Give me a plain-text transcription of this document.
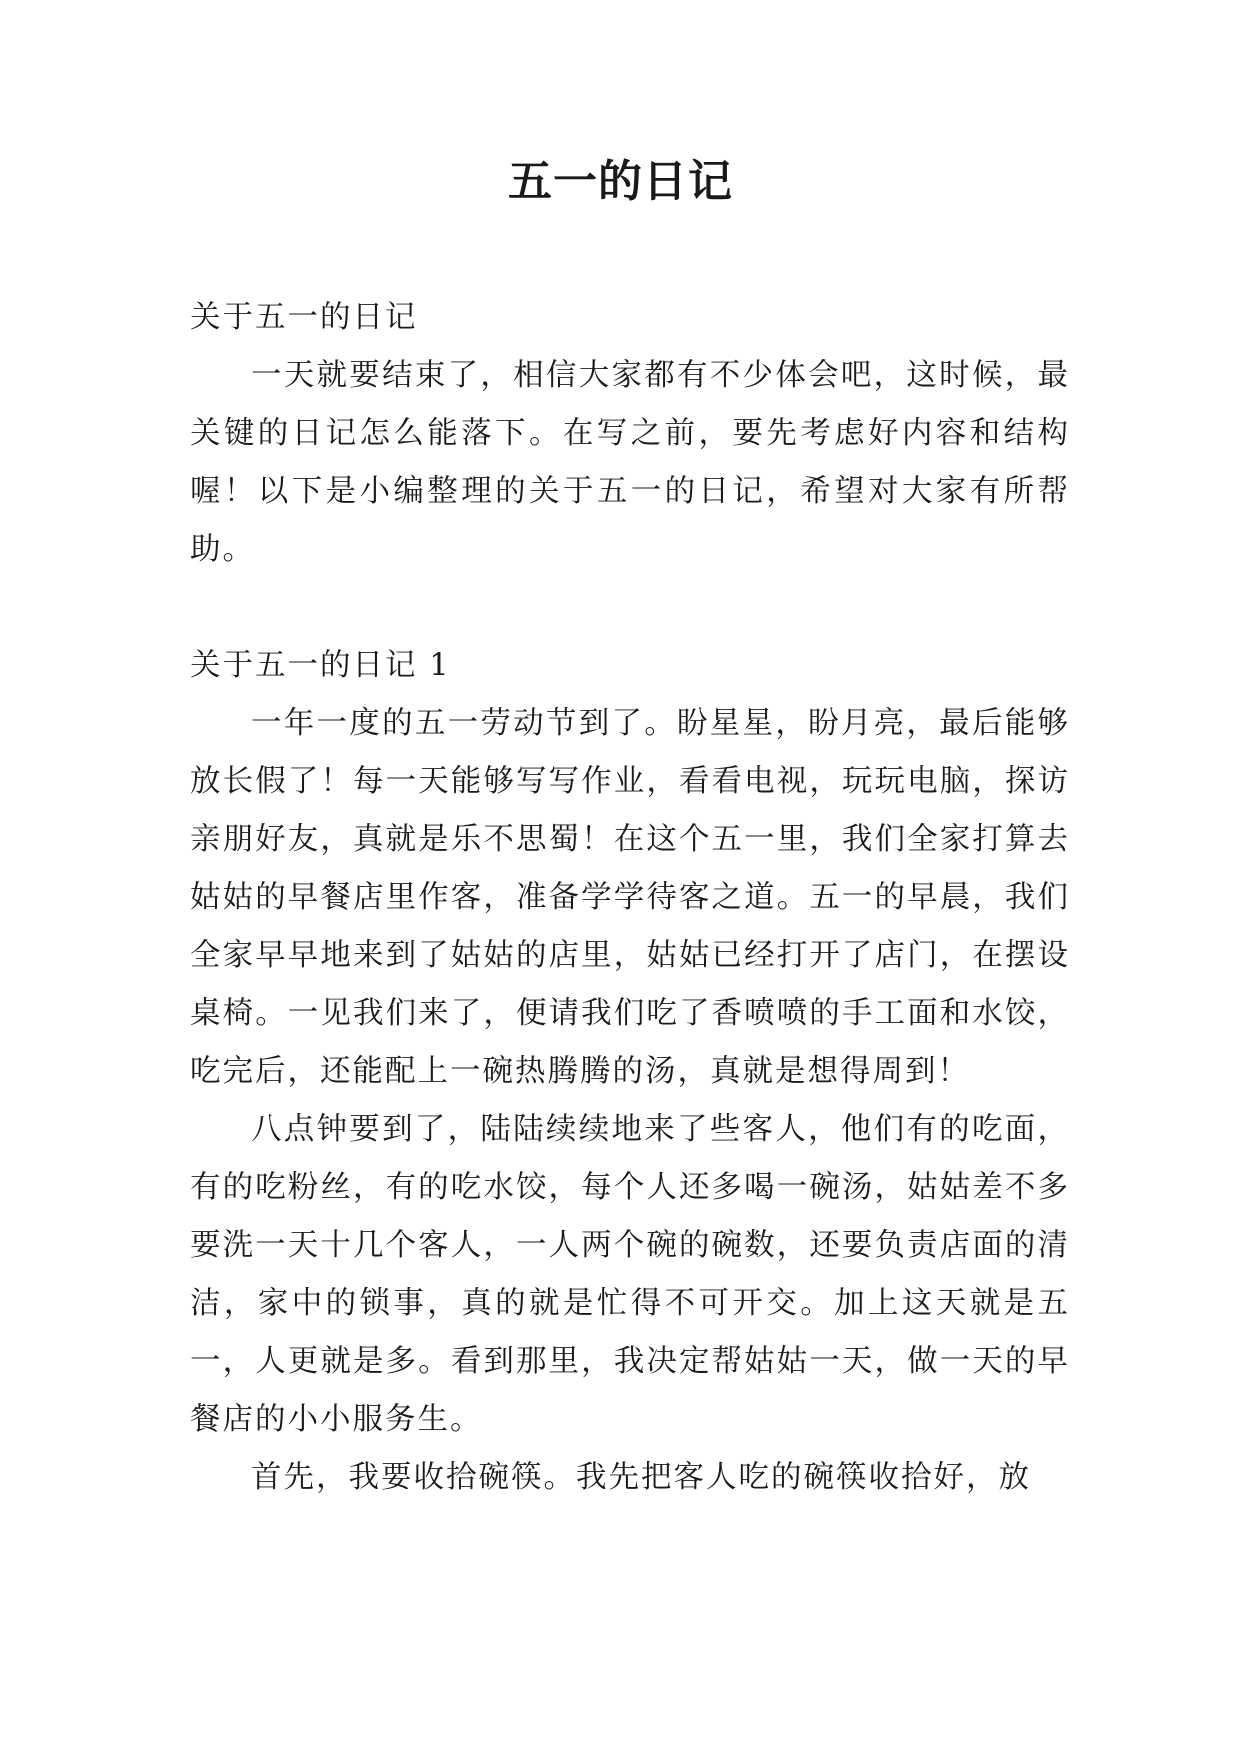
五一的日记

关于五一的日记

一天就要结束了，相信大家都有不少体会吧，这时候，最关键的日记怎么能落下。在写之前，要先考虑好内容和结构喔！以下是小编整理的关于五一的日记，希望对大家有所帮助。

关于五一的日记 1

一年一度的五一劳动节到了。盼星星，盼月亮，最后能够放长假了！每一天能够写写作业，看看电视，玩玩电脑，探访亲朋好友，真就是乐不思蜀！在这个五一里，我们全家打算去姑姑的早餐店里作客，准备学学待客之道。五一的早晨，我们全家早早地来到了姑姑的店里，姑姑已经打开了店门，在摆设桌椅。一见我们来了，便请我们吃了香喷喷的手工面和水饺，吃完后，还能配上一碗热腾腾的汤，真就是想得周到！

八点钟要到了，陆陆续续地来了些客人，他们有的吃面，有的吃粉丝，有的吃水饺，每个人还多喝一碗汤，姑姑差不多要洗一天十几个客人，一人两个碗的碗数，还要负责店面的清洁，家中的锁事，真的就是忙得不可开交。加上这天就是五一，人更就是多。看到那里，我决定帮姑姑一天，做一天的早餐店的小小服务生。

首先，我要收拾碗筷。我先把客人吃的碗筷收拾好，放
